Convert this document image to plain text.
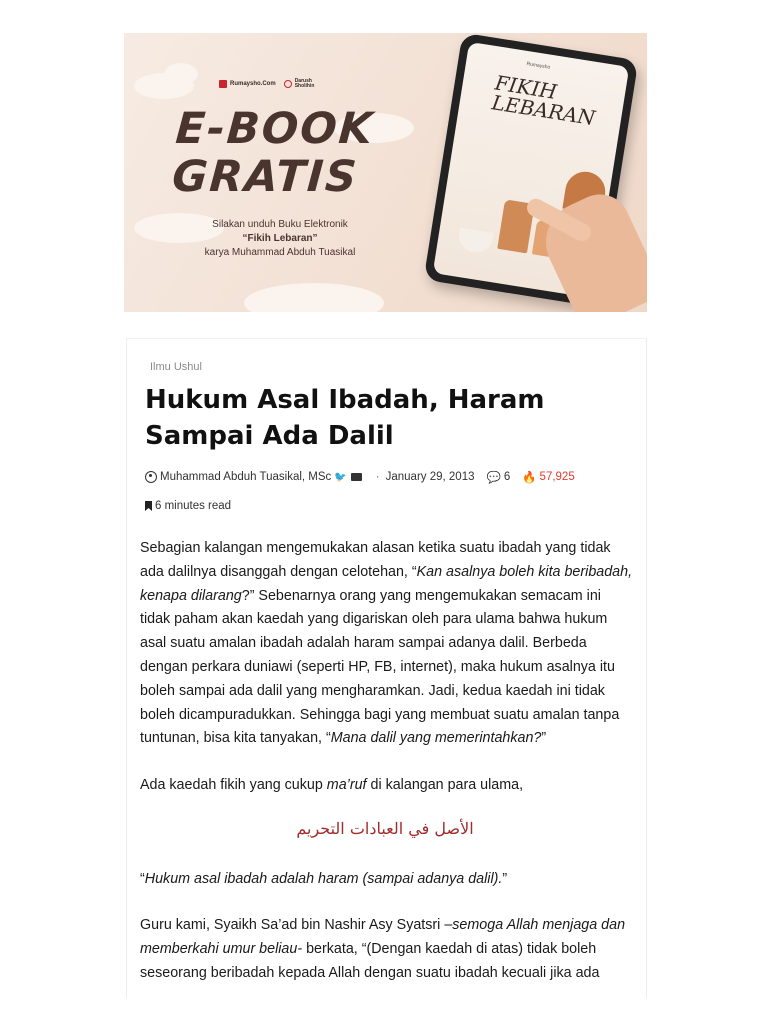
Rumaysho.Com	Darush Sholihin
E-BOOK GRATIS
Silakan unduh Buku Elektronik
“Fikih Lebaran”
karya Muhammad Abduh Tuasikal
Rumaysho
FIKIH LEBARAN
Ilmu Ushul
Hukum Asal Ibadah, Haram Sampai Ada Dalil
Muhammad Abduh Tuasikal, MSc 🐦	· January 29, 2013 💬 6 🔥 57,925
6 minutes read

Sebagian kalangan mengemukakan alasan ketika suatu ibadah yang tidak ada dalilnya disanggah dengan celotehan, “Kan asalnya boleh kita beribadah, kenapa dilarang?” Sebenarnya orang yang mengemukakan semacam ini tidak paham akan kaedah yang digariskan oleh para ulama bahwa hukum asal suatu amalan ibadah adalah haram sampai adanya dalil. Berbeda dengan perkara duniawi (seperti HP, FB, internet), maka hukum asalnya itu boleh sampai ada dalil yang mengharamkan. Jadi, kedua kaedah ini tidak boleh dicampuradukkan. Sehingga bagi yang membuat suatu amalan tanpa tuntunan, bisa kita tanyakan, “Mana dalil yang memerintahkan?”

Ada kaedah fikih yang cukup ma’ruf di kalangan para ulama,

الأصل في العبادات التحريم

“Hukum asal ibadah adalah haram (sampai adanya dalil).”

Guru kami, Syaikh Sa’ad bin Nashir Asy Syatsri –semoga Allah menjaga dan memberkahi umur beliau- berkata, “(Dengan kaedah di atas) tidak boleh seseorang beribadah kepada Allah dengan suatu ibadah kecuali jika ada
